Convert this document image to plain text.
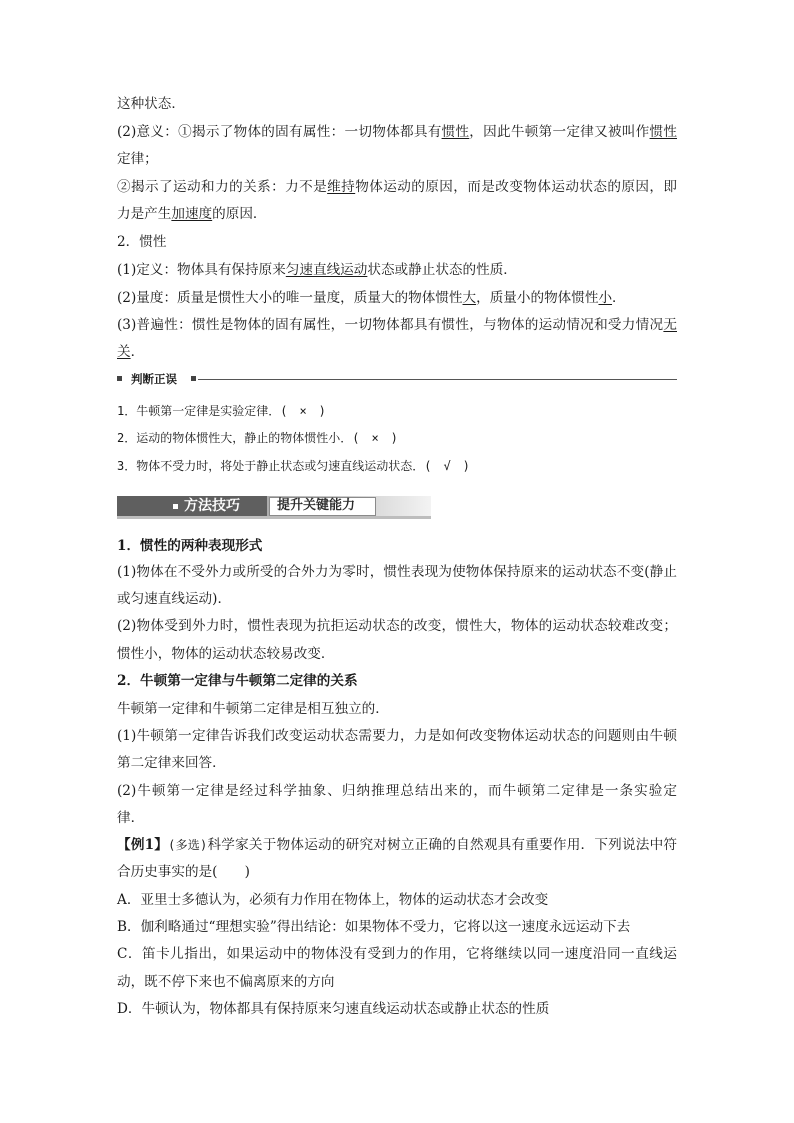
这种状态．
(2)意义：①揭示了物体的固有属性：一切物体都具有惯性，因此牛顿第一定律又被叫作惯性
定律；
②揭示了运动和力的关系：力不是维持物体运动的原因，而是改变物体运动状态的原因，即
力是产生加速度的原因．
2．惯性
(1)定义：物体具有保持原来匀速直线运动状态或静止状态的性质．
(2)量度：质量是惯性大小的唯一量度，质量大的物体惯性大，质量小的物体惯性小．
(3)普遍性：惯性是物体的固有属性，一切物体都具有惯性，与物体的运动情况和受力情况无
关．
判断正误
1．牛顿第一定律是实验定律．(　×　)
2．运动的物体惯性大，静止的物体惯性小．(　×　)
3．物体不受力时，将处于静止状态或匀速直线运动状态．(　√　)
方法技巧	提升关键能力
1．惯性的两种表现形式
(1)物体在不受外力或所受的合外力为零时，惯性表现为使物体保持原来的运动状态不变(静止
或匀速直线运动)．
(2)物体受到外力时，惯性表现为抗拒运动状态的改变，惯性大，物体的运动状态较难改变；
惯性小，物体的运动状态较易改变．
2．牛顿第一定律与牛顿第二定律的关系
牛顿第一定律和牛顿第二定律是相互独立的．
(1)牛顿第一定律告诉我们改变运动状态需要力，力是如何改变物体运动状态的问题则由牛顿
第二定律来回答．
(2)牛顿第一定律是经过科学抽象、归纳推理总结出来的，而牛顿第二定律是一条实验定
律．
【例1】(多选)科学家关于物体运动的研究对树立正确的自然观具有重要作用．下列说法中符
合历史事实的是(　　)
A．亚里士多德认为，必须有力作用在物体上，物体的运动状态才会改变
B．伽利略通过“理想实验”得出结论：如果物体不受力，它将以这一速度永远运动下去
C．笛卡儿指出，如果运动中的物体没有受到力的作用，它将继续以同一速度沿同一直线运
动，既不停下来也不偏离原来的方向
D．牛顿认为，物体都具有保持原来匀速直线运动状态或静止状态的性质
